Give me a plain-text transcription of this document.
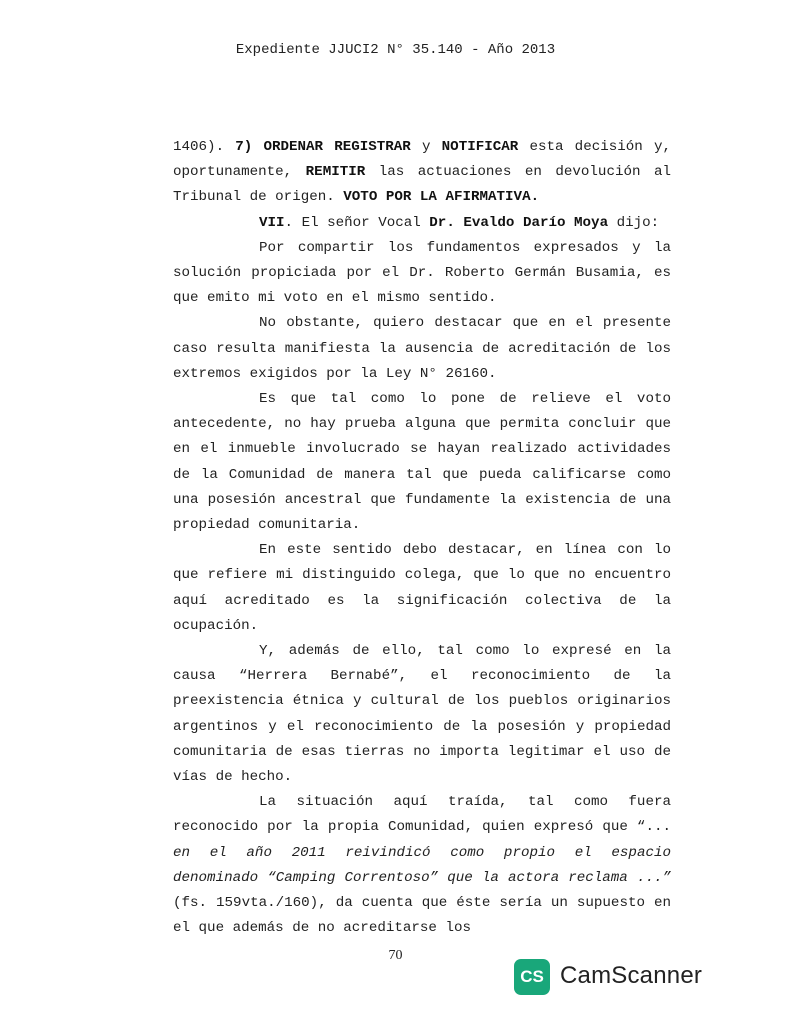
Expediente JJUCI2 N° 35.140 - Año 2013

1406). 7) ORDENAR REGISTRAR y NOTIFICAR esta decisión y, oportunamente, REMITIR las actuaciones en devolución al Tribunal de origen. VOTO POR LA AFIRMATIVA.

VII. El señor Vocal Dr. Evaldo Darío Moya dijo:

Por compartir los fundamentos expresados y la solución propiciada por el Dr. Roberto Germán Busamia, es que emito mi voto en el mismo sentido.

No obstante, quiero destacar que en el presente caso resulta manifiesta la ausencia de acreditación de los extremos exigidos por la Ley N° 26160.

Es que tal como lo pone de relieve el voto antecedente, no hay prueba alguna que permita concluir que en el inmueble involucrado se hayan realizado actividades de la Comunidad de manera tal que pueda calificarse como una posesión ancestral que fundamente la existencia de una propiedad comunitaria.

En este sentido debo destacar, en línea con lo que refiere mi distinguido colega, que lo que no encuentro aquí acreditado es la significación colectiva de la ocupación.

Y, además de ello, tal como lo expresé en la causa “Herrera Bernabé”, el reconocimiento de la preexistencia étnica y cultural de los pueblos originarios argentinos y el reconocimiento de la posesión y propiedad comunitaria de esas tierras no importa legitimar el uso de vías de hecho.

La situación aquí traída, tal como fuera reconocido por la propia Comunidad, quien expresó que “... en el año 2011 reivindicó como propio el espacio denominado “Camping Correntoso” que la actora reclama ...” (fs. 159vta./160), da cuenta que éste sería un supuesto en el que además de no acreditarse los

70
CS CamScanner
